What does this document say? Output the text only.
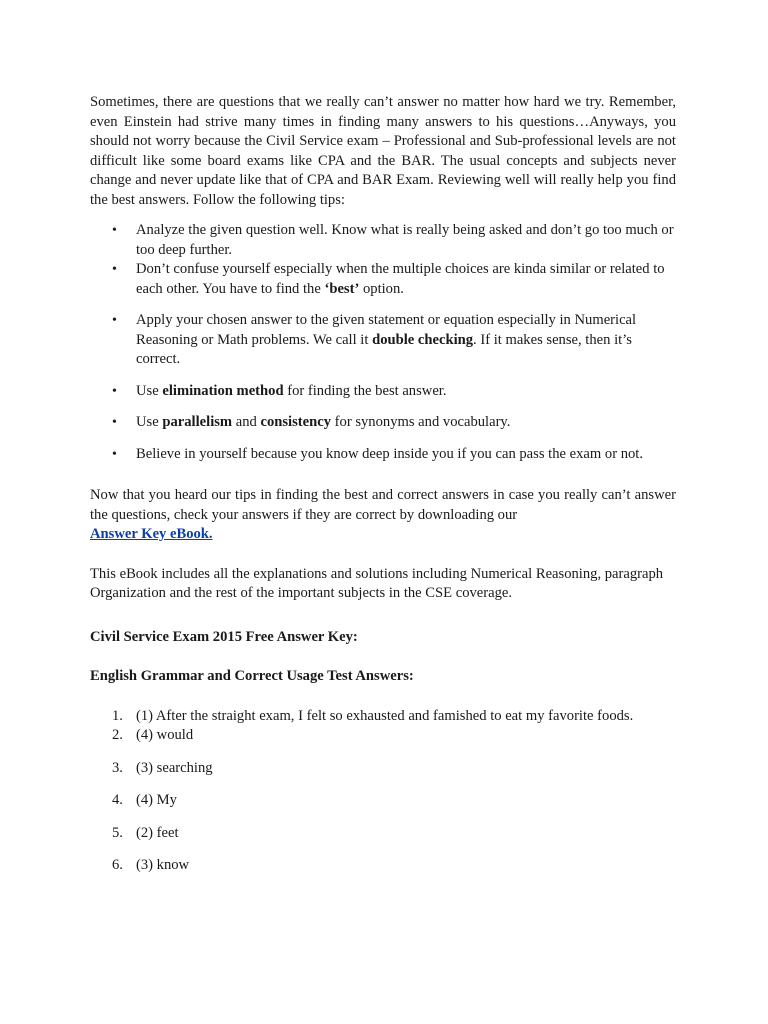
Sometimes, there are questions that we really can’t answer no matter how hard we try. Remember, even Einstein had strive many times in finding many answers to his questions…Anyways, you should not worry because the Civil Service exam – Professional and Sub-professional levels are not difficult like some board exams like CPA and the BAR. The usual concepts and subjects never change and never update like that of CPA and BAR Exam. Reviewing well will really help you find the best answers. Follow the following tips:

• Analyze the given question well. Know what is really being asked and don’t go too much or too deep further.
• Don’t confuse yourself especially when the multiple choices are kinda similar or related to each other. You have to find the ‘best’ option.
• Apply your chosen answer to the given statement or equation especially in Numerical Reasoning or Math problems. We call it double checking. If it makes sense, then it’s correct.
• Use elimination method for finding the best answer.
• Use parallelism and consistency for synonyms and vocabulary.
• Believe in yourself because you know deep inside you if you can pass the exam or not.

Now that you heard our tips in finding the best and correct answers in case you really can’t answer the questions, check your answers if they are correct by downloading our
Answer Key eBook.

This eBook includes all the explanations and solutions including Numerical Reasoning, paragraph Organization and the rest of the important subjects in the CSE coverage.

Civil Service Exam 2015 Free Answer Key:

English Grammar and Correct Usage Test Answers:

1. (1) After the straight exam, I felt so exhausted and famished to eat my favorite foods.
2. (4) would
3. (3) searching
4. (4) My
5. (2) feet
6. (3) know
